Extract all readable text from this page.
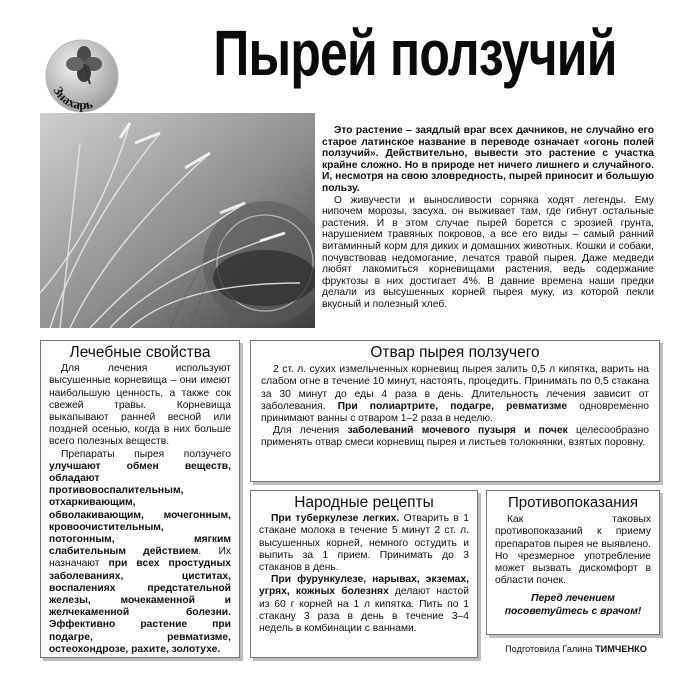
Знахарь
Пырей ползучий

Это растение – заядлый враг всех дачников, не случайно его старое латинское название в переводе означает «огонь полей ползучий». Действительно, вывести это растение с участка крайне сложно. Но в природе нет ничего лишнего и случайного. И, несмотря на свою зловредность, пырей приносит и большую пользу.

О живучести и выносливости сорняка ходят легенды. Ему нипочем морозы, засуха, он выживает там, где гибнут остальные растения. И в этом случае пырей борется с эрозией грунта, нарушением травяных покровов, а все его виды – самый ранний витаминный корм для диких и домашних животных. Кошки и собаки, почувствовав недомогание, лечатся травой пырея. Даже медведи любят лакомиться корневищами растения, ведь содержание фруктозы в них достигает 4%. В давние времена наши предки делали из высушенных корней пырея муку, из которой пекли вкусный и полезный хлеб.

Лечебные свойства

Для лечения используют высушенные корневища – они имеют наибольшую ценность, а также сок свежей травы. Корневища выкапывают ранней весной или поздней осенью, когда в них больше всего полезных веществ.

Препараты пырея ползучего улучшают обмен веществ, обладают противовоспалительным, отхаркивающим, обволакивающим, мочегонным, кровоочистительным, потогонным, мягким слабительным действием. Их назначают при всех простудных заболеваниях, циститах, воспалениях предстательной железы, мочекаменной и желчекаменной болезни. Эффективно растение при подагре, ревматизме, остеохондрозе, рахите, золотухе.

Отвар пырея ползучего

2 ст. л. сухих измельченных корневищ пырея залить 0,5 л кипятка, варить на слабом огне в течение 10 минут, настоять, процедить. Принимать по 0,5 стакана за 30 минут до еды 4 раза в день. Длительность лечения зависит от заболевания. При полиартрите, подагре, ревматизме одновременно принимают ванны с отваром 1–2 раза в неделю.

Для лечения заболеваний мочевого пузыря и почек целесообразно применять отвар смеси корневищ пырея и листьев толокнянки, взятых поровну.

Народные рецепты

При туберкулезе легких. Отварить в 1 стакане молока в течение 5 минут 2 ст. л. высушенных корней, немного остудить и выпить за 1 прием. Принимать до 3 стаканов в день.

При фурункулезе, нарывах, экземах, угрях, кожных болезнях делают настой из 60 г корней на 1 л кипятка. Пить по 1 стакану 3 раза в день в течение 3–4 недель в комбинации с ваннами.

Противопоказания

Как таковых противопоказаний к приему препаратов пырея не выявлено. Но чрезмерное употребление может вызвать дискомфорт в области почек.

Перед лечением посоветуйтесь с врачом!

Подготовила Галина ТИМЧЕНКО
